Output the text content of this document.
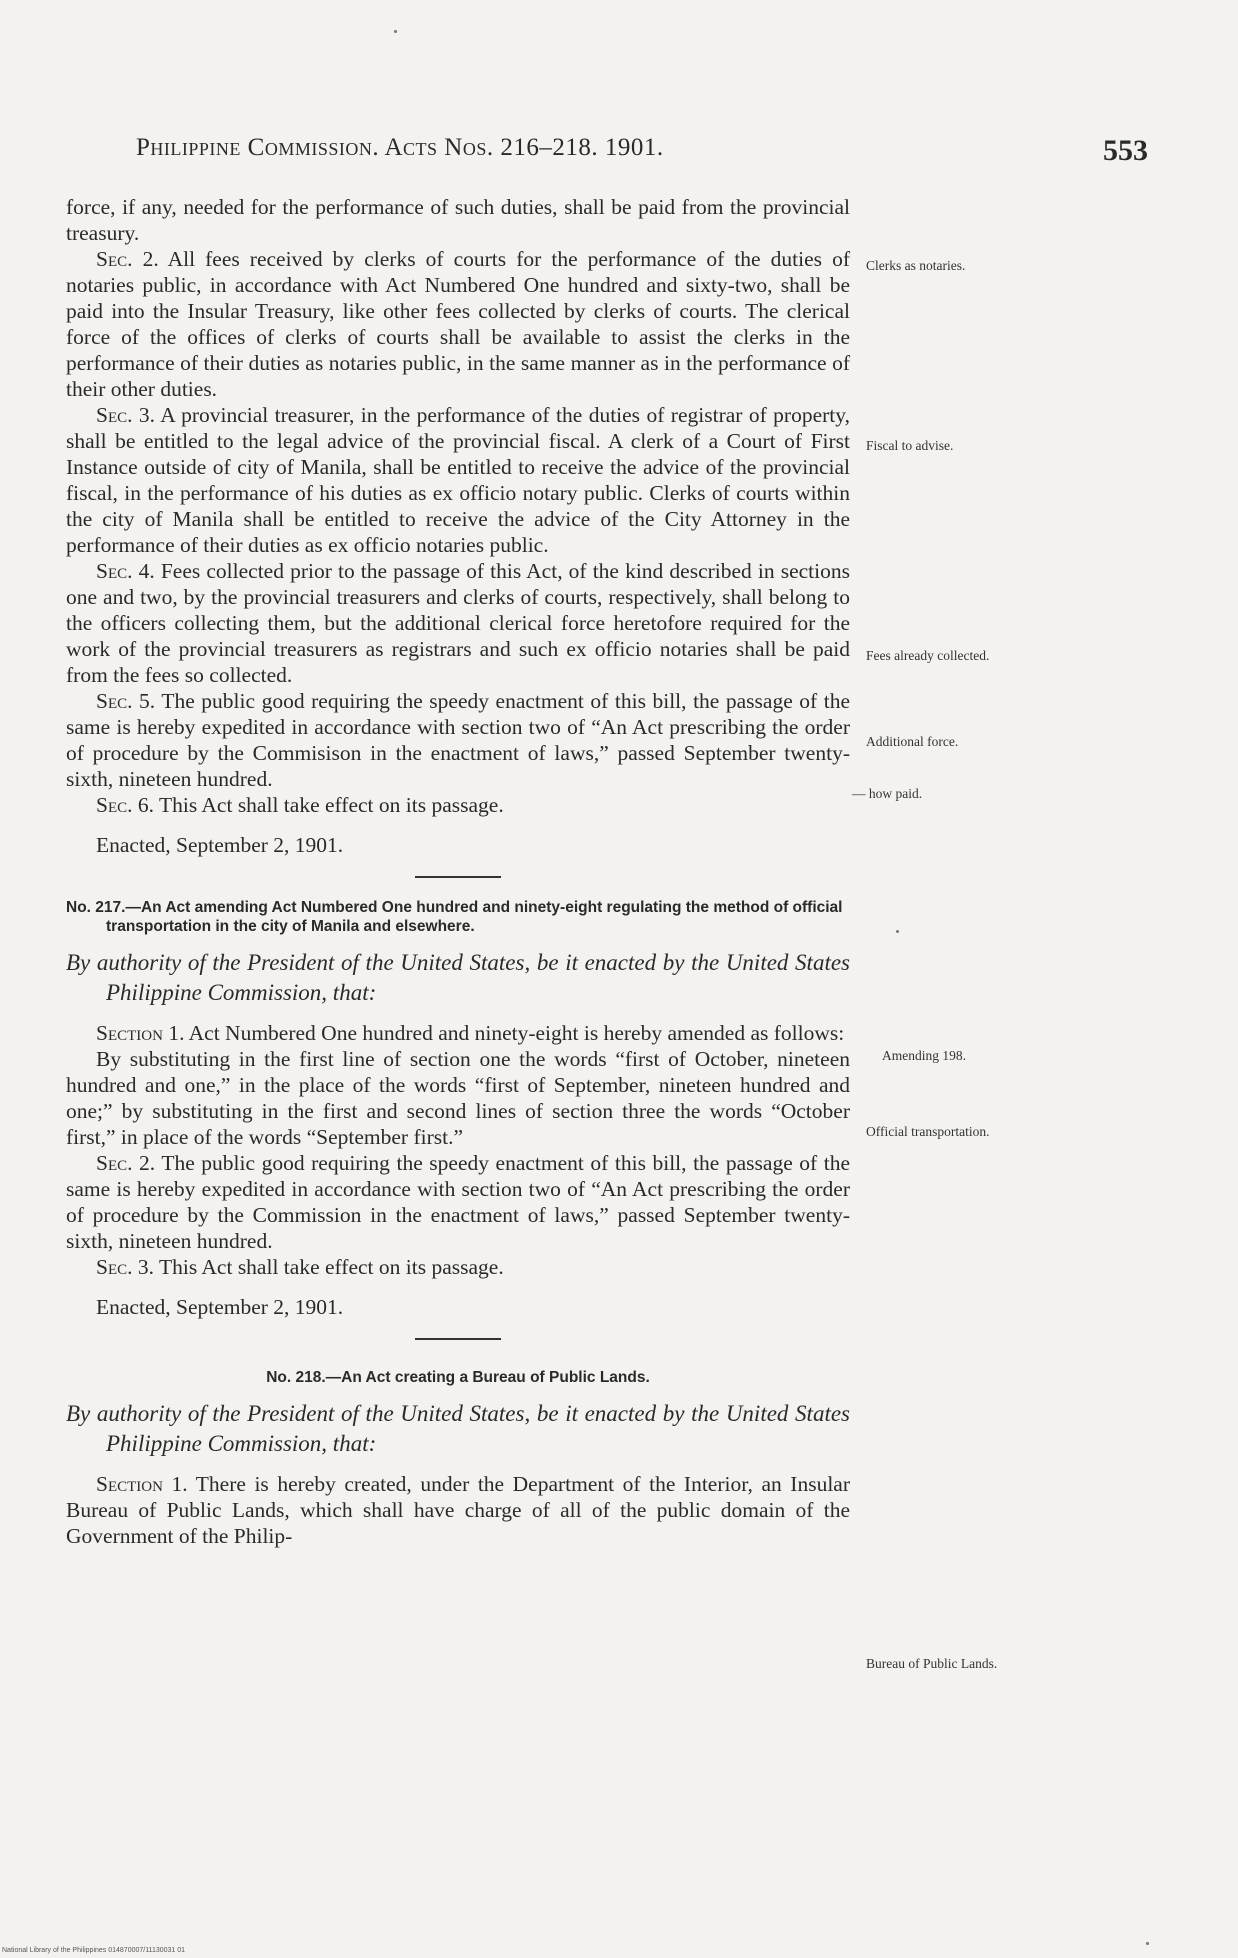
Philippine Commission. Acts Nos. 216–218. 1901.	553

force, if any, needed for the performance of such duties, shall be paid from the provincial treasury.

Sec. 2. All fees received by clerks of courts for the performance of the duties of notaries public, in accordance with Act Numbered One hundred and sixty-two, shall be paid into the Insular Treasury, like other fees collected by clerks of courts. The clerical force of the offices of clerks of courts shall be available to assist the clerks in the performance of their duties as notaries public, in the same manner as in the performance of their other duties.

Sec. 3. A provincial treasurer, in the performance of the duties of registrar of property, shall be entitled to the legal advice of the provincial fiscal. A clerk of a Court of First Instance outside of city of Manila, shall be entitled to receive the advice of the provincial fiscal, in the performance of his duties as ex officio notary public. Clerks of courts within the city of Manila shall be entitled to receive the advice of the City Attorney in the performance of their duties as ex officio notaries public.

Sec. 4. Fees collected prior to the passage of this Act, of the kind described in sections one and two, by the provincial treasurers and clerks of courts, respectively, shall belong to the officers collecting them, but the additional clerical force heretofore required for the work of the provincial treasurers as registrars and such ex officio notaries shall be paid from the fees so collected.

Sec. 5. The public good requiring the speedy enactment of this bill, the passage of the same is hereby expedited in accordance with section two of “An Act prescribing the order of procedure by the Commisison in the enactment of laws,” passed September twenty-sixth, nineteen hundred.

Sec. 6. This Act shall take effect on its passage.

Enacted, September 2, 1901.

No. 217.—An Act amending Act Numbered One hundred and ninety-eight regulating the method of official transportation in the city of Manila and elsewhere.

By authority of the President of the United States, be it enacted by the United States Philippine Commission, that:

Section 1. Act Numbered One hundred and ninety-eight is hereby amended as follows:

By substituting in the first line of section one the words “first of October, nineteen hundred and one,” in the place of the words “first of September, nineteen hundred and one;” by substituting in the first and second lines of section three the words “October first,” in place of the words “September first.”

Sec. 2. The public good requiring the speedy enactment of this bill, the passage of the same is hereby expedited in accordance with section two of “An Act prescribing the order of procedure by the Commission in the enactment of laws,” passed September twenty-sixth, nineteen hundred.

Sec. 3. This Act shall take effect on its passage.

Enacted, September 2, 1901.

No. 218.—An Act creating a Bureau of Public Lands.

By authority of the President of the United States, be it enacted by the United States Philippine Commission, that:

Section 1. There is hereby created, under the Department of the Interior, an Insular Bureau of Public Lands, which shall have charge of all of the public domain of the Government of the Philip-

Clerks as notaries.
Fiscal to advise.
Fees already collected.
Additional force.
— how paid.
Amending 198.
Official transportation.
Bureau of Public Lands.
National Library of the Philippines 014870007/11130031 01
